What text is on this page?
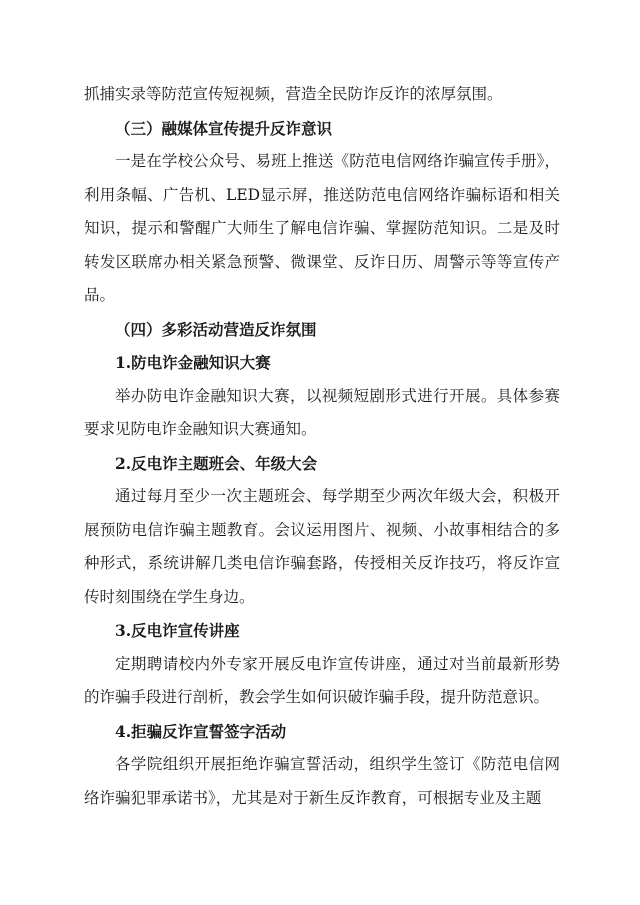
抓捕实录等防范宣传短视频，营造全民防诈反诈的浓厚氛围。

（三）融媒体宣传提升反诈意识

一是在学校公众号、易班上推送《防范电信网络诈骗宣传手册》，利用条幅、广告机、LED显示屏，推送防范电信网络诈骗标语和相关知识，提示和警醒广大师生了解电信诈骗、掌握防范知识。二是及时转发区联席办相关紧急预警、微课堂、反诈日历、周警示等等宣传产品。

（四）多彩活动营造反诈氛围

1.防电诈金融知识大赛

举办防电诈金融知识大赛，以视频短剧形式进行开展。具体参赛要求见防电诈金融知识大赛通知。

2.反电诈主题班会、年级大会

通过每月至少一次主题班会、每学期至少两次年级大会，积极开展预防电信诈骗主题教育。会议运用图片、视频、小故事相结合的多种形式，系统讲解几类电信诈骗套路，传授相关反诈技巧，将反诈宣传时刻围绕在学生身边。

3.反电诈宣传讲座

定期聘请校内外专家开展反电诈宣传讲座，通过对当前最新形势的诈骗手段进行剖析，教会学生如何识破诈骗手段，提升防范意识。

4.拒骗反诈宣誓签字活动

各学院组织开展拒绝诈骗宣誓活动，组织学生签订《防范电信网络诈骗犯罪承诺书》，尤其是对于新生反诈教育，可根据专业及主题
